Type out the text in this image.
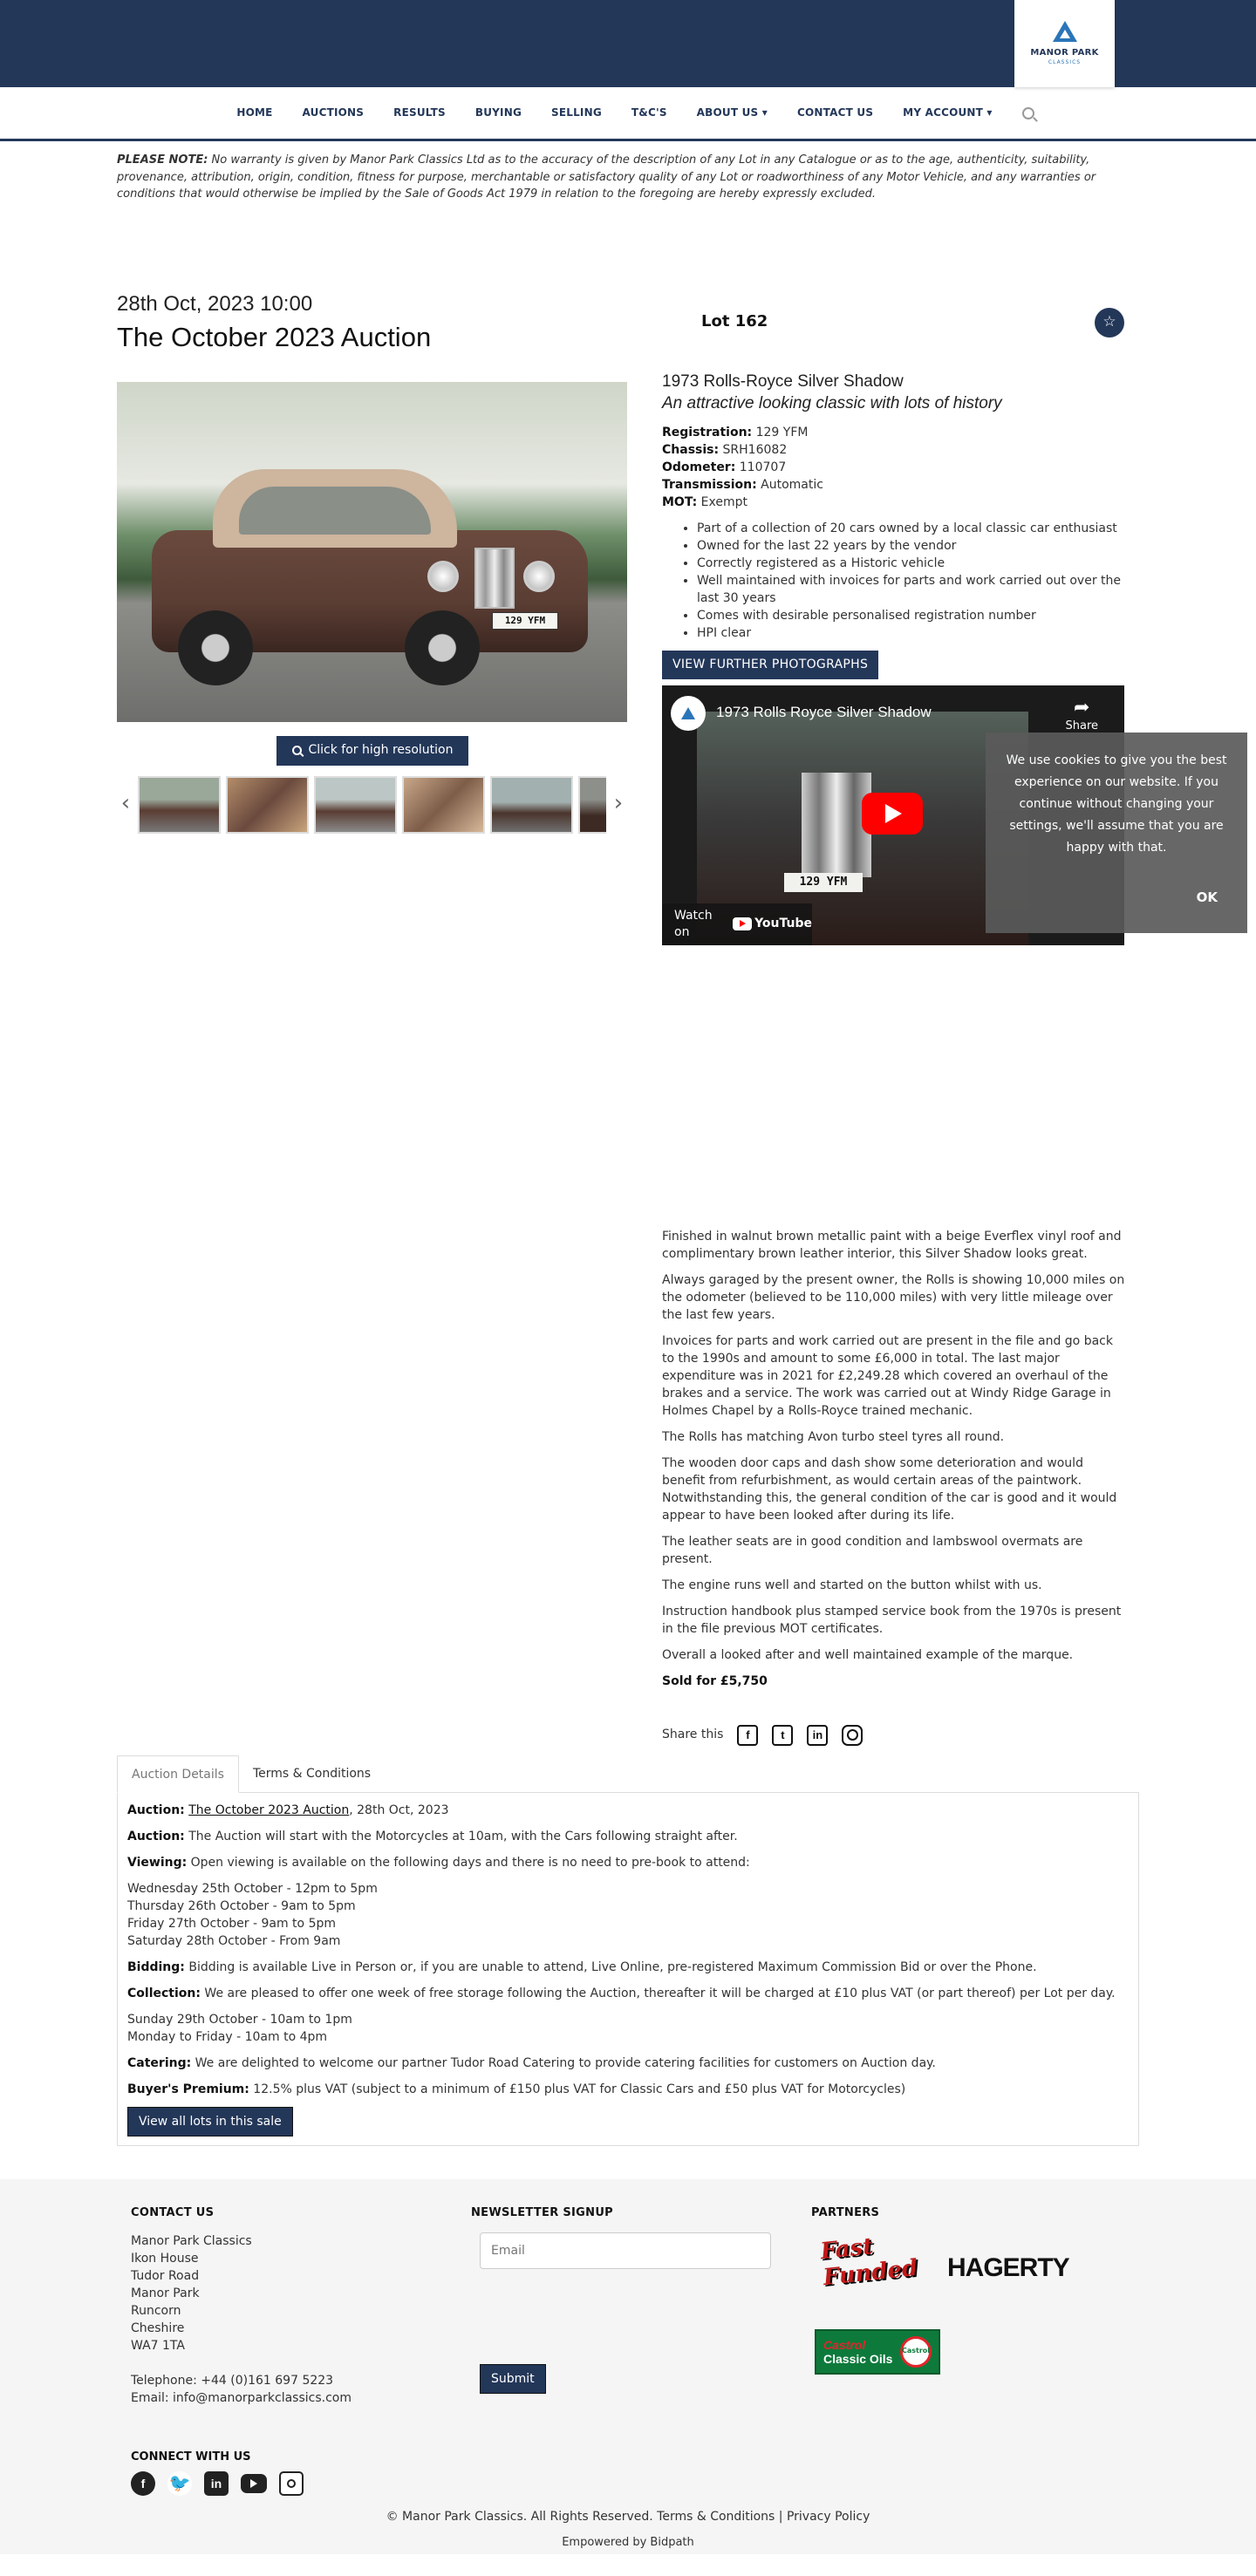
MANOR PARK
CLASSICS
HOME	AUCTIONS	RESULTS	BUYING	SELLING	T&C'S	ABOUT US ▾	CONTACT US	MY ACCOUNT ▾

PLEASE NOTE: No warranty is given by Manor Park Classics Ltd as to the accuracy of the description of any Lot in any Catalogue or as to the age, authenticity, suitability, provenance, attribution, origin, condition, fitness for purpose, merchantable or satisfactory quality of any Lot or roadworthiness of any Motor Vehicle, and any warranties or conditions that would otherwise be implied by the Sale of Goods Act 1979 in relation to the foregoing are hereby expressly excluded.

28th Oct, 2023 10:00
The October 2023 Auction
Lot 162	☆
129 YFM
Click for high resolution
‹	›
1973 Rolls-Royce Silver Shadow
An attractive looking classic with lots of history
Registration: 129 YFM
Chassis: SRH16082
Odometer: 110707
Transmission: Automatic
MOT: Exempt
• Part of a collection of 20 cars owned by a local classic car enthusiast
• Owned for the last 22 years by the vendor
• Correctly registered as a Historic vehicle
• Well maintained with invoices for parts and work carried out over the last 30 years
• Comes with desirable personalised registration number
• HPI clear
VIEW FURTHER PHOTOGRAPHS
129 YFM
1973 Rolls Royce Silver Shadow	➦
Share
Watch on
YouTube

Finished in walnut brown metallic paint with a beige Everflex vinyl roof and complimentary brown leather interior, this Silver Shadow looks great.

Always garaged by the present owner, the Rolls is showing 10,000 miles on the odometer (believed to be 110,000 miles) with very little mileage over the last few years.

Invoices for parts and work carried out are present in the file and go back to the 1990s and amount to some £6,000 in total. The last major expenditure was in 2021 for £2,249.28 which covered an overhaul of the brakes and a service. The work was carried out at Windy Ridge Garage in Holmes Chapel by a Rolls-Royce trained mechanic.

The Rolls has matching Avon turbo steel tyres all round.

The wooden door caps and dash show some deterioration and would benefit from refurbishment, as would certain areas of the paintwork. Notwithstanding this, the general condition of the car is good and it would appear to have been looked after during its life.

The leather seats are in good condition and lambswool overmats are present.

The engine runs well and started on the button whilst with us.

Instruction handbook plus stamped service book from the 1970s is present in the file previous MOT certificates.

Overall a looked after and well maintained example of the marque.

Sold for £5,750

Share this	f	t	in
Auction Details	Terms & Conditions

Auction: The October 2023 Auction, 28th Oct, 2023

Auction: The Auction will start with the Motorcycles at 10am, with the Cars following straight after.

Viewing: Open viewing is available on the following days and there is no need to pre-book to attend:

Wednesday 25th October - 12pm to 5pm
Thursday 26th October - 9am to 5pm
Friday 27th October - 9am to 5pm
Saturday 28th October - From 9am

Bidding: Bidding is available Live in Person or, if you are unable to attend, Live Online, pre-registered Maximum Commission Bid or over the Phone.

Collection: We are pleased to offer one week of free storage following the Auction, thereafter it will be charged at £10 plus VAT (or part thereof) per Lot per day.

Sunday 29th October - 10am to 1pm
Monday to Friday - 10am to 4pm

Catering: We are delighted to welcome our partner Tudor Road Catering to provide catering facilities for customers on Auction day.

Buyer's Premium: 12.5% plus VAT (subject to a minimum of £150 plus VAT for Classic Cars and £50 plus VAT for Motorcycles)

View all lots in this sale
We use cookies to give you the best experience on our website. If you continue without changing your settings, we'll assume that you are happy with that.
OK
CONTACT US
Manor Park Classics
Ikon House
Tudor Road
Manor Park
Runcorn
Cheshire
WA7 1TA

Telephone: +44 (0)161 697 5223
Email: info@manorparkclassics.com
NEWSLETTER SIGNUP
Email
Submit
PARTNERS
Fast Funded	HAGERTY
Castrol
Classic Oils
Castrol
CONNECT WITH US
f	🐦	in
© Manor Park Classics. All Rights Reserved. Terms & Conditions | Privacy Policy
Empowered by Bidpath
